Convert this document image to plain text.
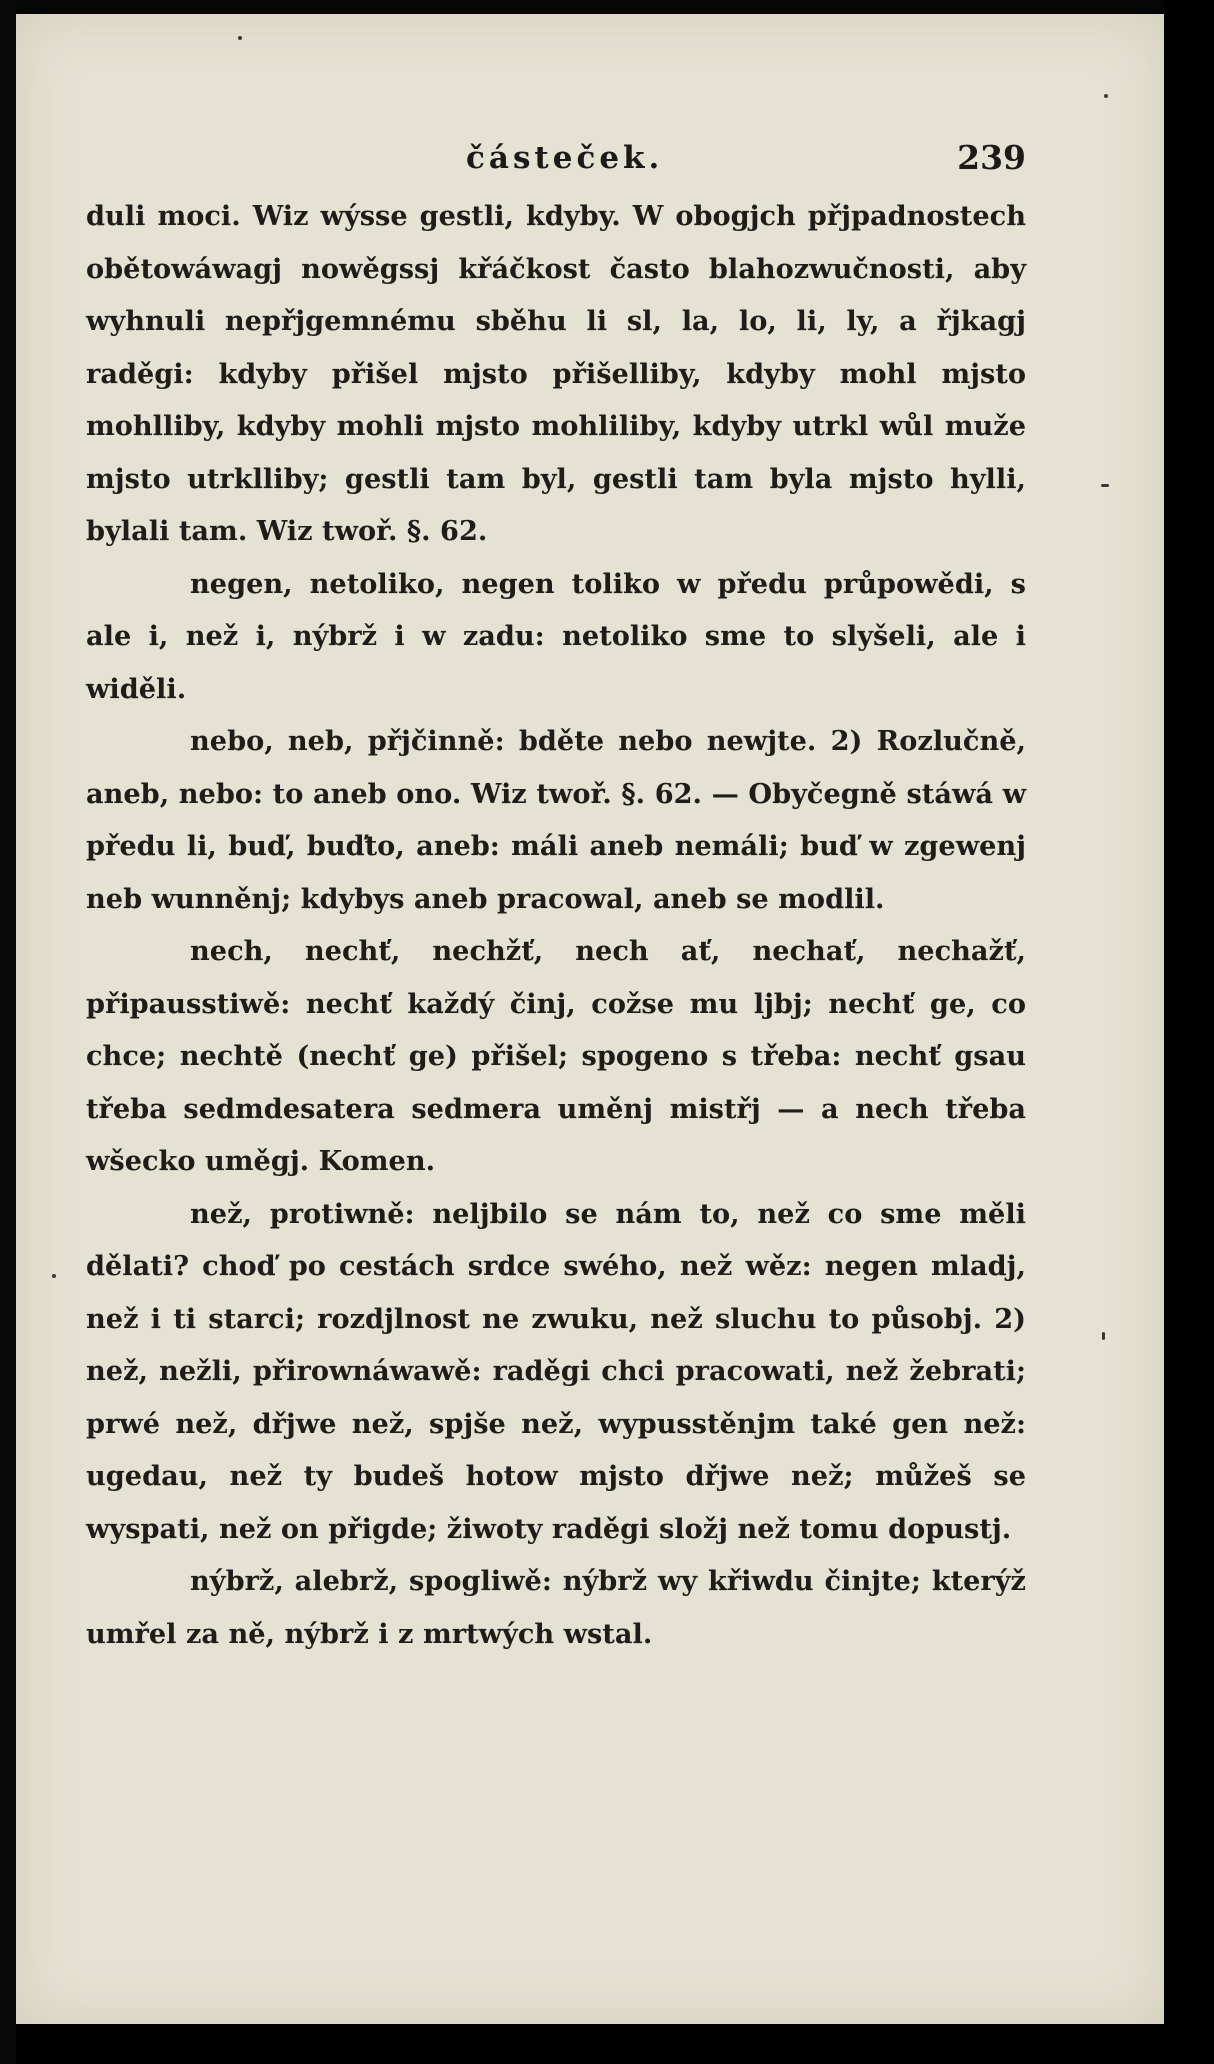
částeček.	239

duli moci. Wiz wýsse gestli, kdyby. W obogjch přjpadnostech obětowáwagj nowěgssj křáčkost často blahozwučnosti, aby wyhnuli nepřjgemnému sběhu li sl, la, lo, li, ly, a řjkagj raděgi: kdyby přišel mjsto přišelliby, kdyby mohl mjsto mohlliby, kdyby mohli mjsto mohliliby, kdyby utrkl wůl muže mjsto utrklliby; gestli tam byl, gestli tam byla mjsto hylli, bylali tam. Wiz twoř. §. 62.

negen, netoliko, negen toliko w předu průpowědi, s ale i, než i, nýbrž i w zadu: netoliko sme to slyšeli, ale i widěli.

nebo, neb, přjčinně: bděte nebo newjte. 2) Rozlučně, aneb, nebo: to aneb ono. Wiz twoř. §. 62. — Obyčegně stáwá w předu li, buď, buďto, aneb: máli aneb nemáli; buď w zgewenj neb wunněnj; kdybys aneb pracowal, aneb se modlil.

nech, nechť, nechžť, nech ať, nechať, nechažť, připausstiwě: nechť každý činj, cožse mu ljbj; nechť ge, co chce; nechtě (nechť ge) přišel; spogeno s třeba: nechť gsau třeba sedmdesatera sedmera uměnj mistřj — a nech třeba wšecko uměgj. Komen.

než, protiwně: neljbilo se nám to, než co sme měli dělati? choď po cestách srdce swého, než wěz: negen mladj, než i ti starci; rozdjlnost ne zwuku, než sluchu to působj. 2) než, nežli, přirownáwawě: raděgi chci pracowati, než žebrati; prwé než, dřjwe než, spjše než, wypusstěnjm také gen než: ugedau, než ty budeš hotow mjsto dřjwe než; můžeš se wyspati, než on přigde; žiwoty raděgi složj než tomu dopustj.

nýbrž, alebrž, spogliwě: nýbrž wy křiwdu činjte; kterýž umřel za ně, nýbrž i z mrtwých wstal.
